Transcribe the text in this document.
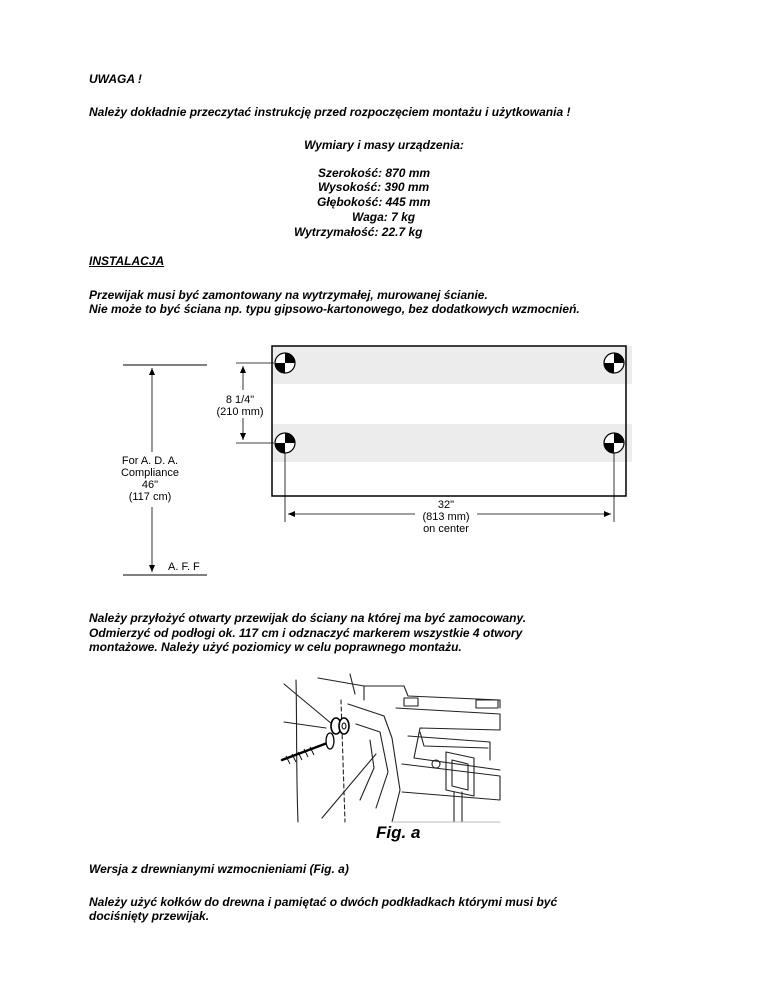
UWAGA !

Należy dokładnie przeczytać instrukcję przed rozpoczęciem montażu i użytkowania !

Wymiary i masy urządzenia:

Szerokość: 870 mm

Wysokość: 390 mm

Głębokość: 445 mm

Waga: 7 kg

Wytrzymałość: 22.7 kg

INSTALACJA

Przewijak musi być zamontowany na wytrzymałej, murowanej ścianie.

Nie może to być ściana np. typu gipsowo-kartonowego, bez dodatkowych wzmocnień.

8 1/4"
(210 mm)
For A. D. A.
Compliance
46"
(117 cm)
A. F. F
32"
(813 mm)
on center

Należy przyłożyć otwarty przewijak do ściany na której ma być zamocowany.

Odmierzyć od podłogi ok. 117 cm i odznaczyć markerem wszystkie 4 otwory

montażowe. Należy użyć poziomicy w celu poprawnego montażu.

Fig. a

Wersja z drewnianymi wzmocnieniami (Fig. a)

Należy użyć kołków do drewna i pamiętać o dwóch podkładkach którymi musi być

dociśnięty przewijak.
